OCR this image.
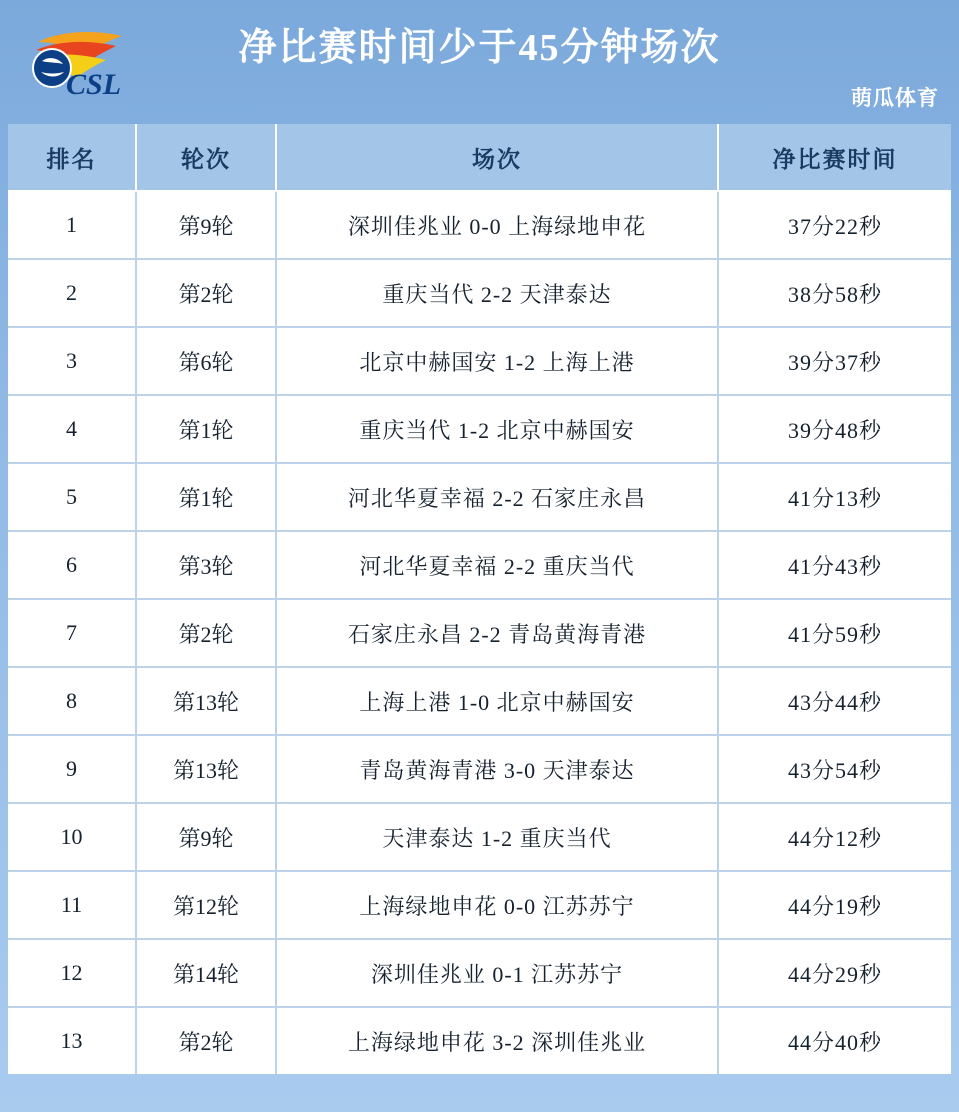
CSL
净比赛时间少于45分钟场次
萌瓜体育
排名	轮次	场次	净比赛时间
1	第9轮	深圳佳兆业 0-0 上海绿地申花	37分22秒
2	第2轮	重庆当代 2-2 天津泰达	38分58秒
3	第6轮	北京中赫国安 1-2 上海上港	39分37秒
4	第1轮	重庆当代 1-2 北京中赫国安	39分48秒
5	第1轮	河北华夏幸福 2-2 石家庄永昌	41分13秒
6	第3轮	河北华夏幸福 2-2 重庆当代	41分43秒
7	第2轮	石家庄永昌 2-2 青岛黄海青港	41分59秒
8	第13轮	上海上港 1-0 北京中赫国安	43分44秒
9	第13轮	青岛黄海青港 3-0 天津泰达	43分54秒
10	第9轮	天津泰达 1-2 重庆当代	44分12秒
11	第12轮	上海绿地申花 0-0 江苏苏宁	44分19秒
12	第14轮	深圳佳兆业 0-1 江苏苏宁	44分29秒
13	第2轮	上海绿地申花 3-2 深圳佳兆业	44分40秒
